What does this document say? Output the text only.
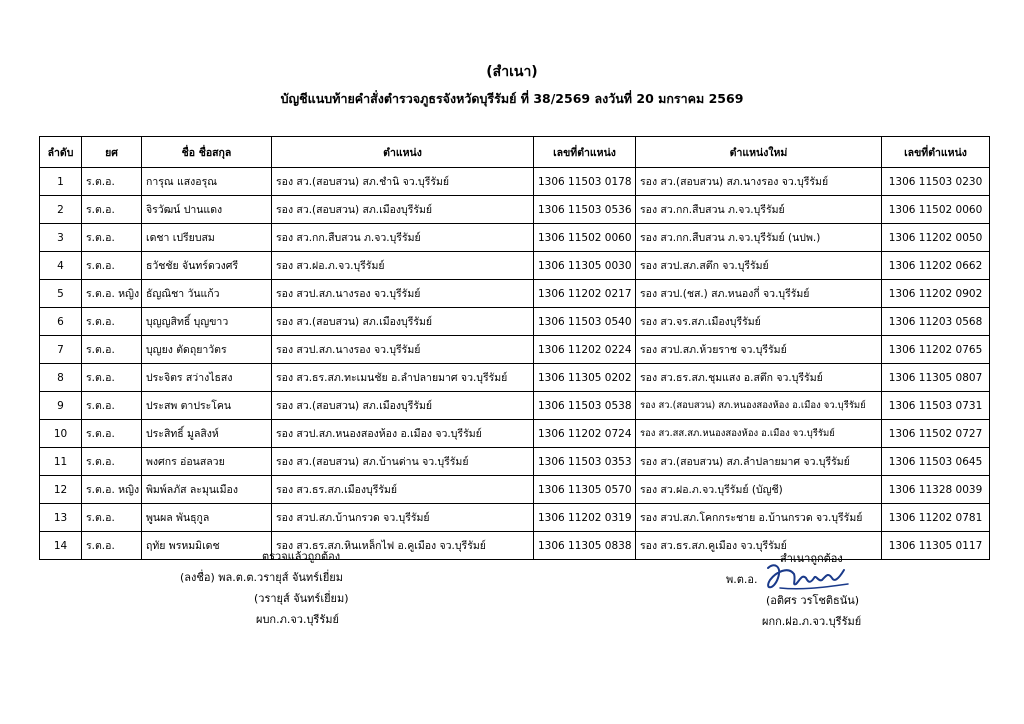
(สำเนา)
บัญชีแนบท้ายคำสั่งตำรวจภูธรจังหวัดบุรีรัมย์ ที่ 38/2569 ลงวันที่ 20 มกราคม 2569
ลำดับ	ยศ	ชื่อ ชื่อสกุล	ตำแหน่ง	เลขที่ตำแหน่ง	ตำแหน่งใหม่	เลขที่ตำแหน่ง
1	ร.ต.อ.	การุณ แสงอรุณ	รอง สว.(สอบสวน) สภ.ชำนิ จว.บุรีรัมย์	1306 11503 0178	รอง สว.(สอบสวน) สภ.นางรอง จว.บุรีรัมย์	1306 11503 0230
2	ร.ต.อ.	จิรวัฒน์ ปานแดง	รอง สว.(สอบสวน) สภ.เมืองบุรีรัมย์	1306 11503 0536	รอง สว.กก.สืบสวน ภ.จว.บุรีรัมย์	1306 11502 0060
3	ร.ต.อ.	เดชา เปรียบสม	รอง สว.กก.สืบสวน ภ.จว.บุรีรัมย์	1306 11502 0060	รอง สว.กก.สืบสวน ภ.จว.บุรีรัมย์ (นปพ.)	1306 11202 0050
4	ร.ต.อ.	ธวัชชัย จันทร์ดวงศรี	รอง สว.ฝอ.ภ.จว.บุรีรัมย์	1306 11305 0030	รอง สวป.สภ.สตึก จว.บุรีรัมย์	1306 11202 0662
5	ร.ต.อ. หญิง	ธัญณิชา วันแก้ว	รอง สวป.สภ.นางรอง จว.บุรีรัมย์	1306 11202 0217	รอง สวป.(ชส.) สภ.หนองกี่ จว.บุรีรัมย์	1306 11202 0902
6	ร.ต.อ.	บุญญสิทธิ์ บุญขาว	รอง สว.(สอบสวน) สภ.เมืองบุรีรัมย์	1306 11503 0540	รอง สว.จร.สภ.เมืองบุรีรัมย์	1306 11203 0568
7	ร.ต.อ.	บุญยง ตัดถุยาวัตร	รอง สวป.สภ.นางรอง จว.บุรีรัมย์	1306 11202 0224	รอง สวป.สภ.ห้วยราช จว.บุรีรัมย์	1306 11202 0765
8	ร.ต.อ.	ประจิตร สว่างไธสง	รอง สว.ธร.สภ.ทะเมนชัย อ.ลำปลายมาศ จว.บุรีรัมย์	1306 11305 0202	รอง สว.ธร.สภ.ชุมแสง อ.สตึก จว.บุรีรัมย์	1306 11305 0807
9	ร.ต.อ.	ประสพ ตาประโคน	รอง สว.(สอบสวน) สภ.เมืองบุรีรัมย์	1306 11503 0538	รอง สว.(สอบสวน) สภ.หนองสองห้อง อ.เมือง จว.บุรีรัมย์	1306 11503 0731
10	ร.ต.อ.	ประสิทธิ์ มูลสิงห์	รอง สวป.สภ.หนองสองห้อง อ.เมือง จว.บุรีรัมย์	1306 11202 0724	รอง สว.สส.สภ.หนองสองห้อง อ.เมือง จว.บุรีรัมย์	1306 11502 0727
11	ร.ต.อ.	พงศกร อ่อนสลวย	รอง สว.(สอบสวน) สภ.บ้านด่าน จว.บุรีรัมย์	1306 11503 0353	รอง สว.(สอบสวน) สภ.ลำปลายมาศ จว.บุรีรัมย์	1306 11503 0645
12	ร.ต.อ. หญิง	พิมพ์ลภัส ละมุนเมือง	รอง สว.ธร.สภ.เมืองบุรีรัมย์	1306 11305 0570	รอง สว.ฝอ.ภ.จว.บุรีรัมย์ (บัญชี)	1306 11328 0039
13	ร.ต.อ.	พูนผล พันธุกูล	รอง สวป.สภ.บ้านกรวด จว.บุรีรัมย์	1306 11202 0319	รอง สวป.สภ.โคกกระชาย อ.บ้านกรวด จว.บุรีรัมย์	1306 11202 0781
14	ร.ต.อ.	ฤทัย พรหมมิเดช	รอง สว.ธร.สภ.หินเหล็กไฟ อ.คูเมือง จว.บุรีรัมย์	1306 11305 0838	รอง สว.ธร.สภ.คูเมือง จว.บุรีรัมย์	1306 11305 0117
ตรวจแล้วถูกต้อง
(ลงชื่อ) พล.ต.ต.วรายุส์ จันทร์เยี่ยม
(วรายุส์ จันทร์เยี่ยม)
ผบก.ภ.จว.บุรีรัมย์
สำเนาถูกต้อง
พ.ต.อ.
(อติศร วรโชติธนัน)
ผกก.ฝอ.ภ.จว.บุรีรัมย์
